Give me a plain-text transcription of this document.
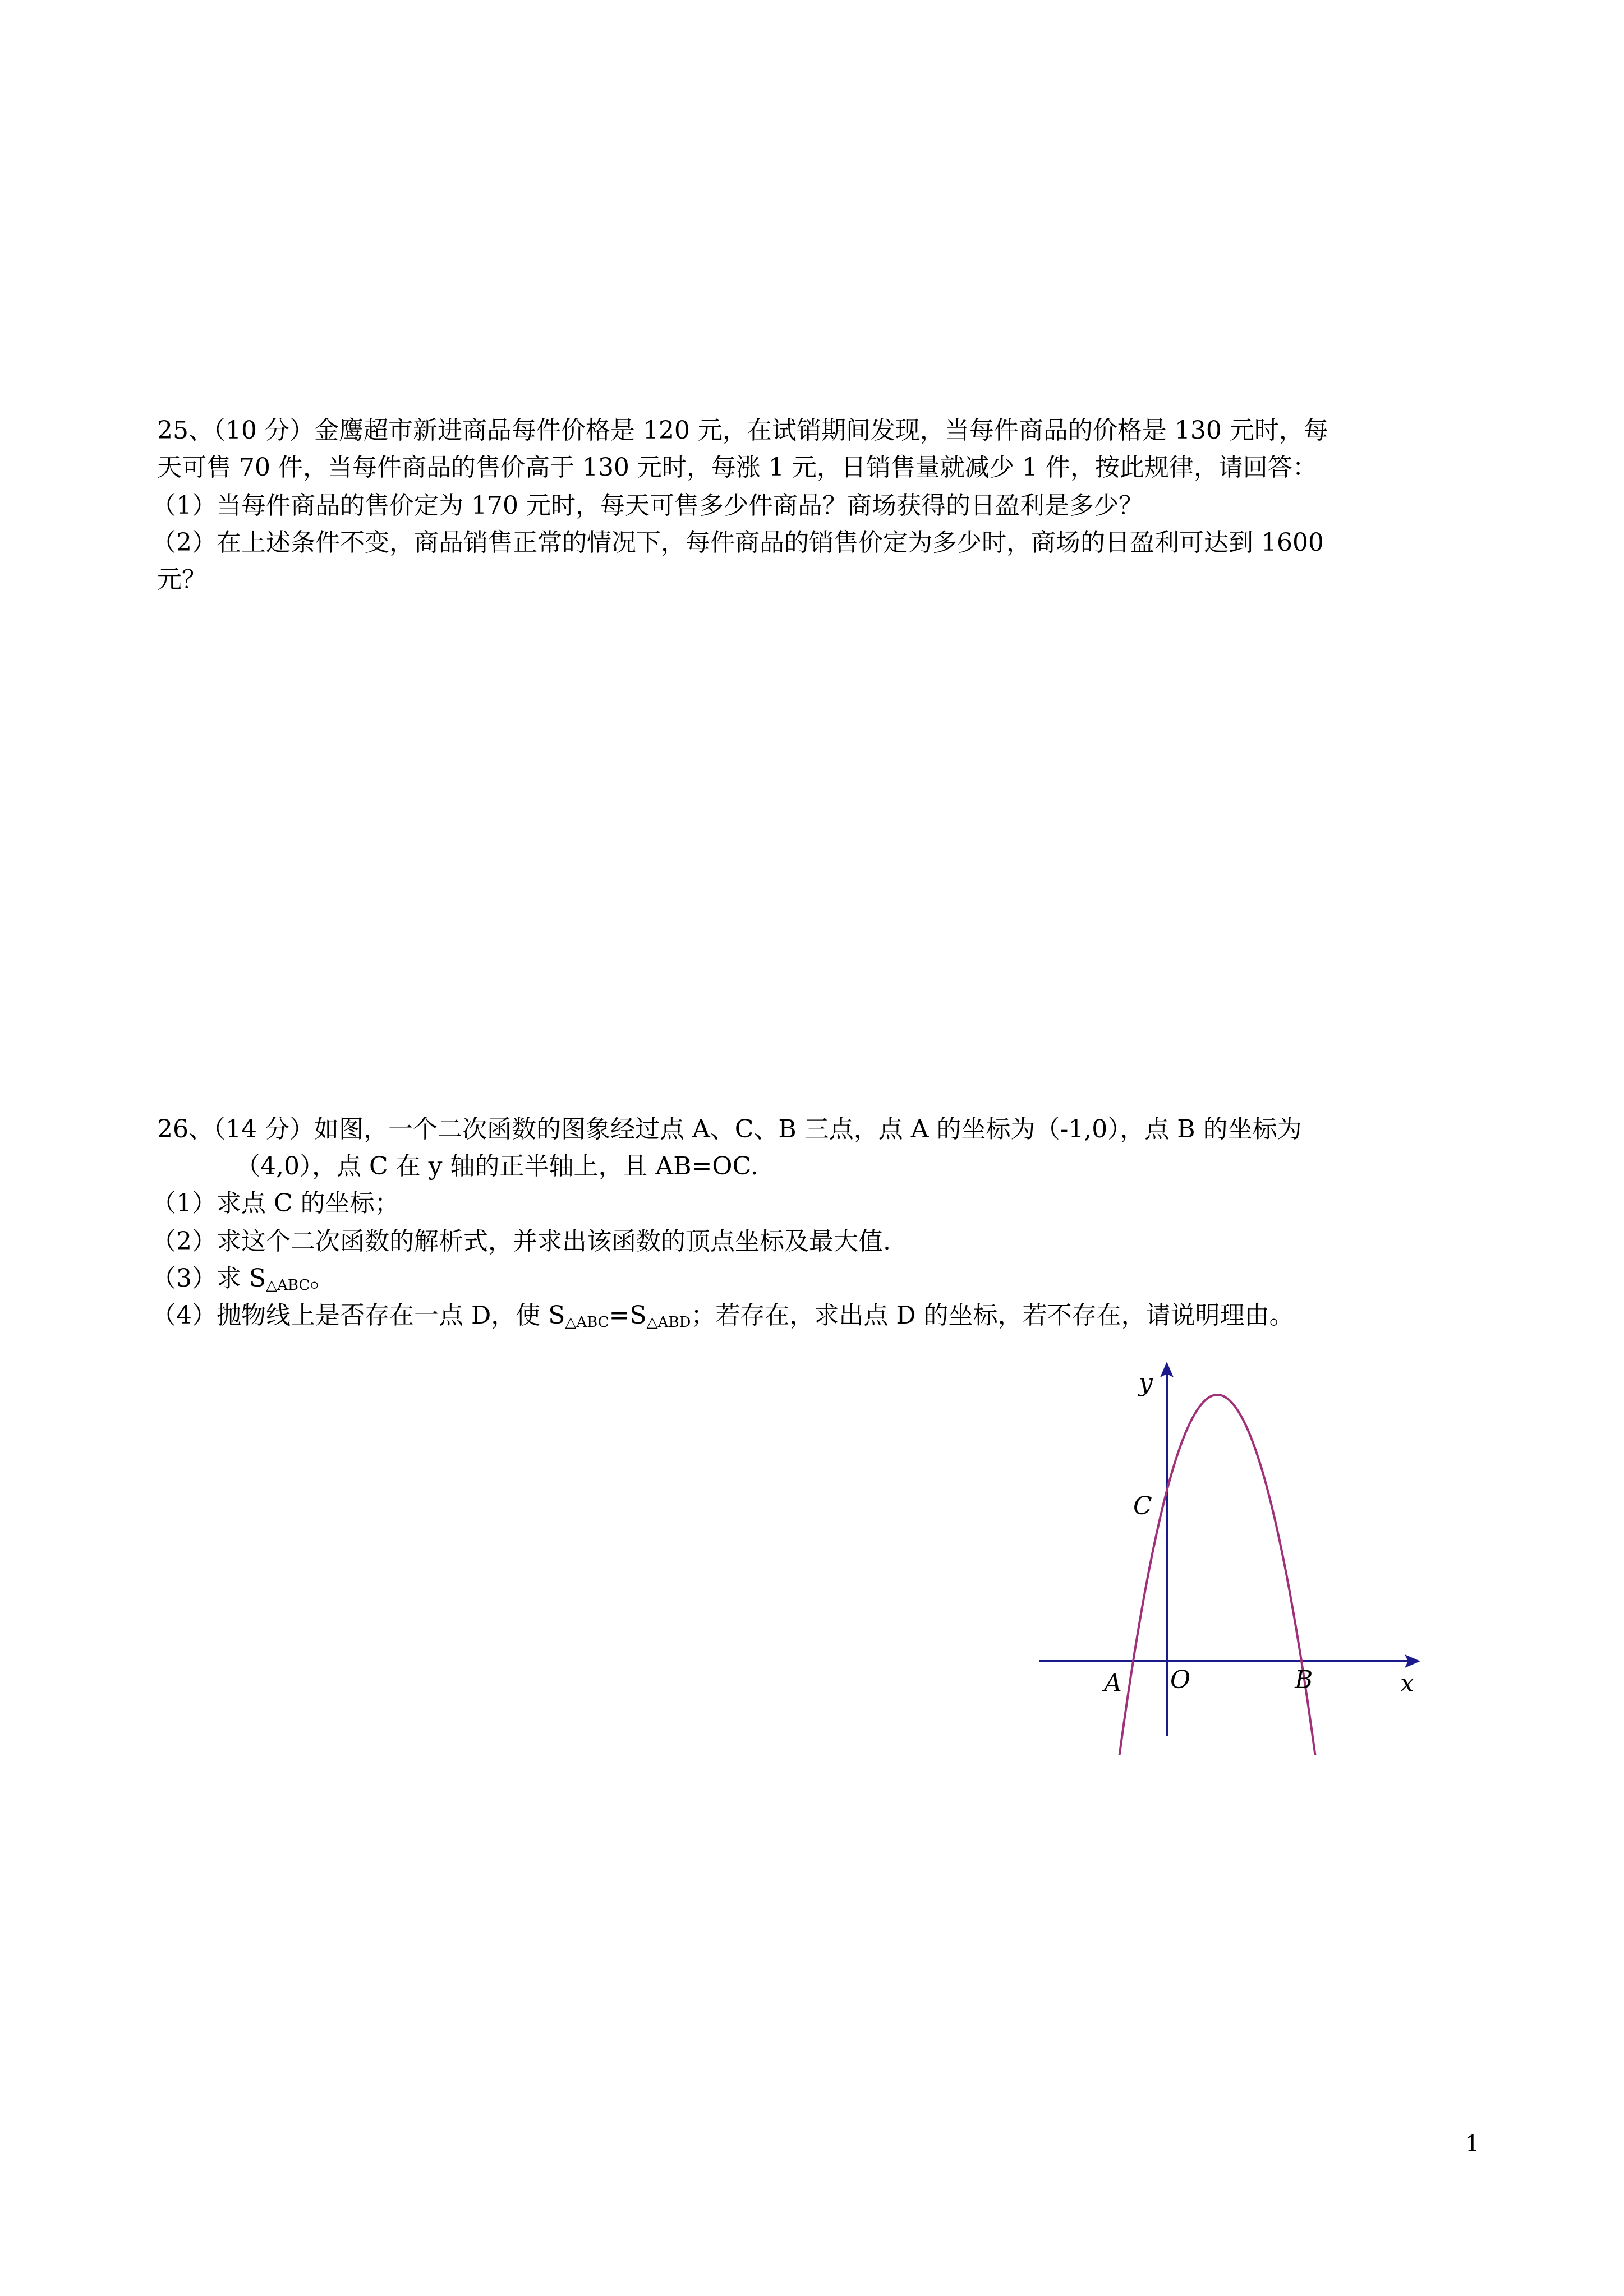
25、（10 分）金鹰超市新进商品每件价格是 120 元，在试销期间发现，当每件商品的价格是 130 元时，每
天可售 70 件，当每件商品的售价高于 130 元时，每涨 1 元，日销售量就减少 1 件，按此规律，请回答：
（1）当每件商品的售价定为 170 元时，每天可售多少件商品？商场获得的日盈利是多少？
（2）在上述条件不变，商品销售正常的情况下，每件商品的销售价定为多少时，商场的日盈利可达到 1600
元？
26、（14 分）如图，一个二次函数的图象经过点 A、C、B 三点，点 A 的坐标为（-1,0），点 B 的坐标为
（4,0），点 C 在 y 轴的正半轴上，且 AB=OC.
（1）求点 C 的坐标；
（2）求这个二次函数的解析式，并求出该函数的顶点坐标及最大值.
（3）求 $S_{\triangle ABC}$。
（4）抛物线上是否存在一点 D，使 $S_{\triangle ABC}=S_{\triangle ABD}$；若存在，求出点 D 的坐标，若不存在，请说明理由。
y
C
A O	B	x
1
